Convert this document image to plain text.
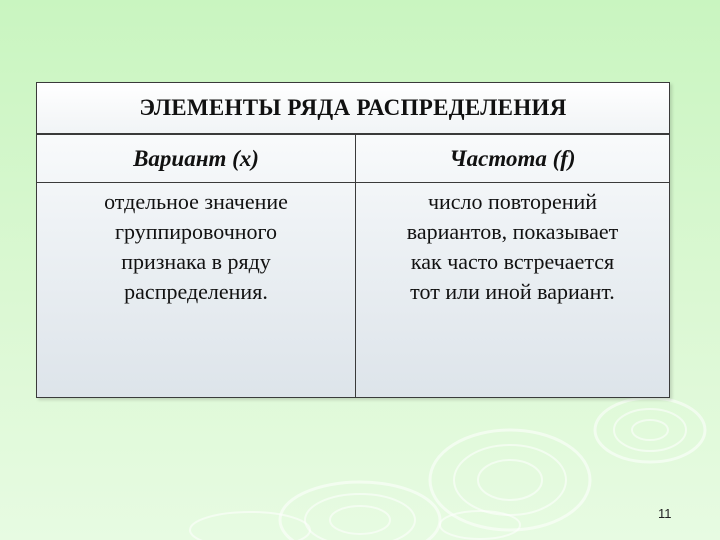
ЭЛЕМЕНТЫ РЯДА РАСПРЕДЕЛЕНИЯ
Вариант (х)	Частота (f)
отдельное значение
группировочного
признака в ряду
распределения.
число повторений
вариантов, показывает
как часто встречается
тот или иной вариант.
11
